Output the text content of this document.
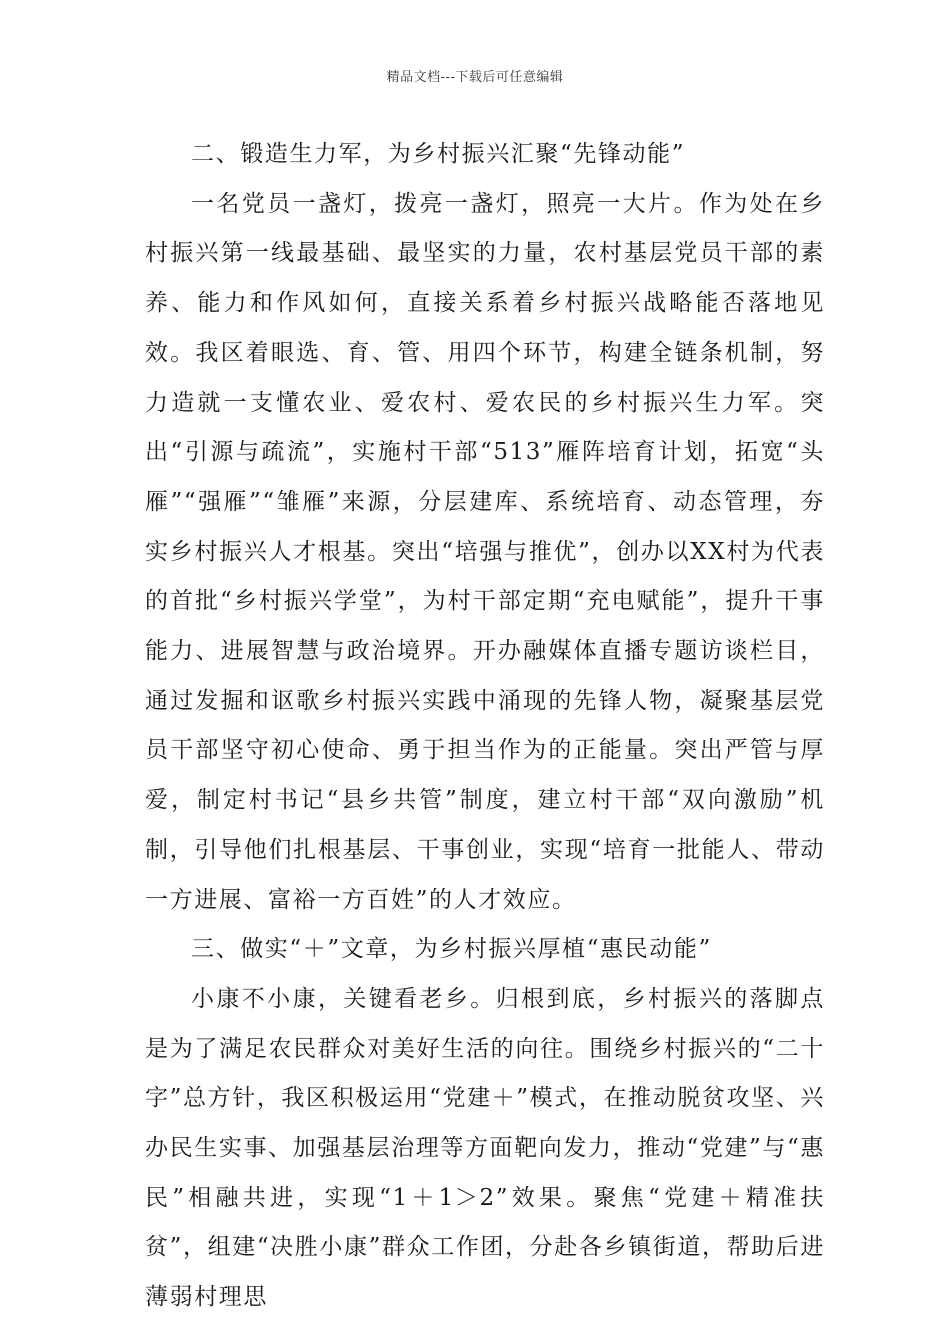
精品文档---下载后可任意编辑

二、锻造生力军，为乡村振兴汇聚“先锋动能”

一名党员一盏灯，拨亮一盏灯，照亮一大片。作为处在乡村振兴第一线最基础、最坚实的力量，农村基层党员干部的素养、能力和作风如何，直接关系着乡村振兴战略能否落地见效。我区着眼选、育、管、用四个环节，构建全链条机制，努力造就一支懂农业、爱农村、爱农民的乡村振兴生力军。突出“引源与疏流”，实施村干部“513”雁阵培育计划，拓宽“头雁”“强雁”“雏雁”来源，分层建库、系统培育、动态管理，夯实乡村振兴人才根基。突出“培强与推优”，创办以XX村为代表的首批“乡村振兴学堂”，为村干部定期“充电赋能”，提升干事能力、进展智慧与政治境界。开办融媒体直播专题访谈栏目，通过发掘和讴歌乡村振兴实践中涌现的先锋人物，凝聚基层党员干部坚守初心使命、勇于担当作为的正能量。突出严管与厚爱，制定村书记“县乡共管”制度，建立村干部“双向激励”机制，引导他们扎根基层、干事创业，实现“培育一批能人、带动一方进展、富裕一方百姓”的人才效应。

三、做实“＋”文章，为乡村振兴厚植“惠民动能”

小康不小康，关键看老乡。归根到底，乡村振兴的落脚点是为了满足农民群众对美好生活的向往。围绕乡村振兴的“二十字”总方针，我区积极运用“党建＋”模式，在推动脱贫攻坚、兴办民生实事、加强基层治理等方面靶向发力，推动“党建”与“惠民”相融共进，实现“1＋1＞2”效果。聚焦“党建＋精准扶贫”，组建“决胜小康”群众工作团，分赴各乡镇街道，帮助后进薄弱村理思
